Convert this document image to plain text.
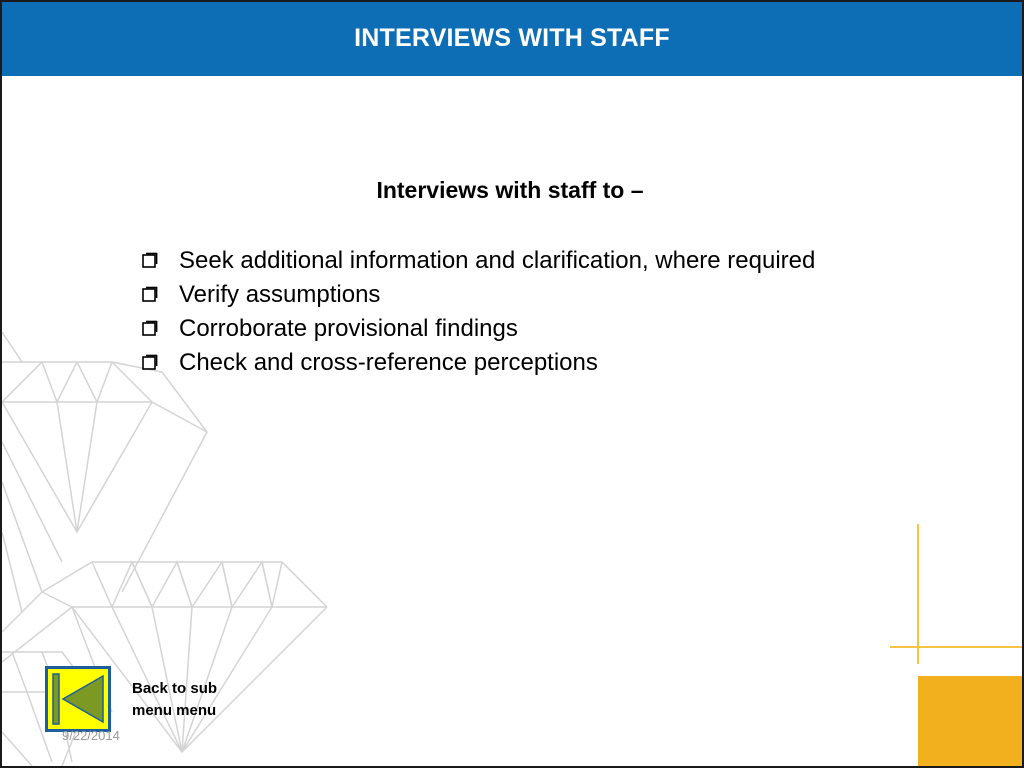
INTERVIEWS WITH STAFF
Interviews with staff to –
Seek additional information and clarification, where required
Verify assumptions
Corroborate provisional findings
Check and cross-reference perceptions
Back to sub menu menu
9/22/2014
